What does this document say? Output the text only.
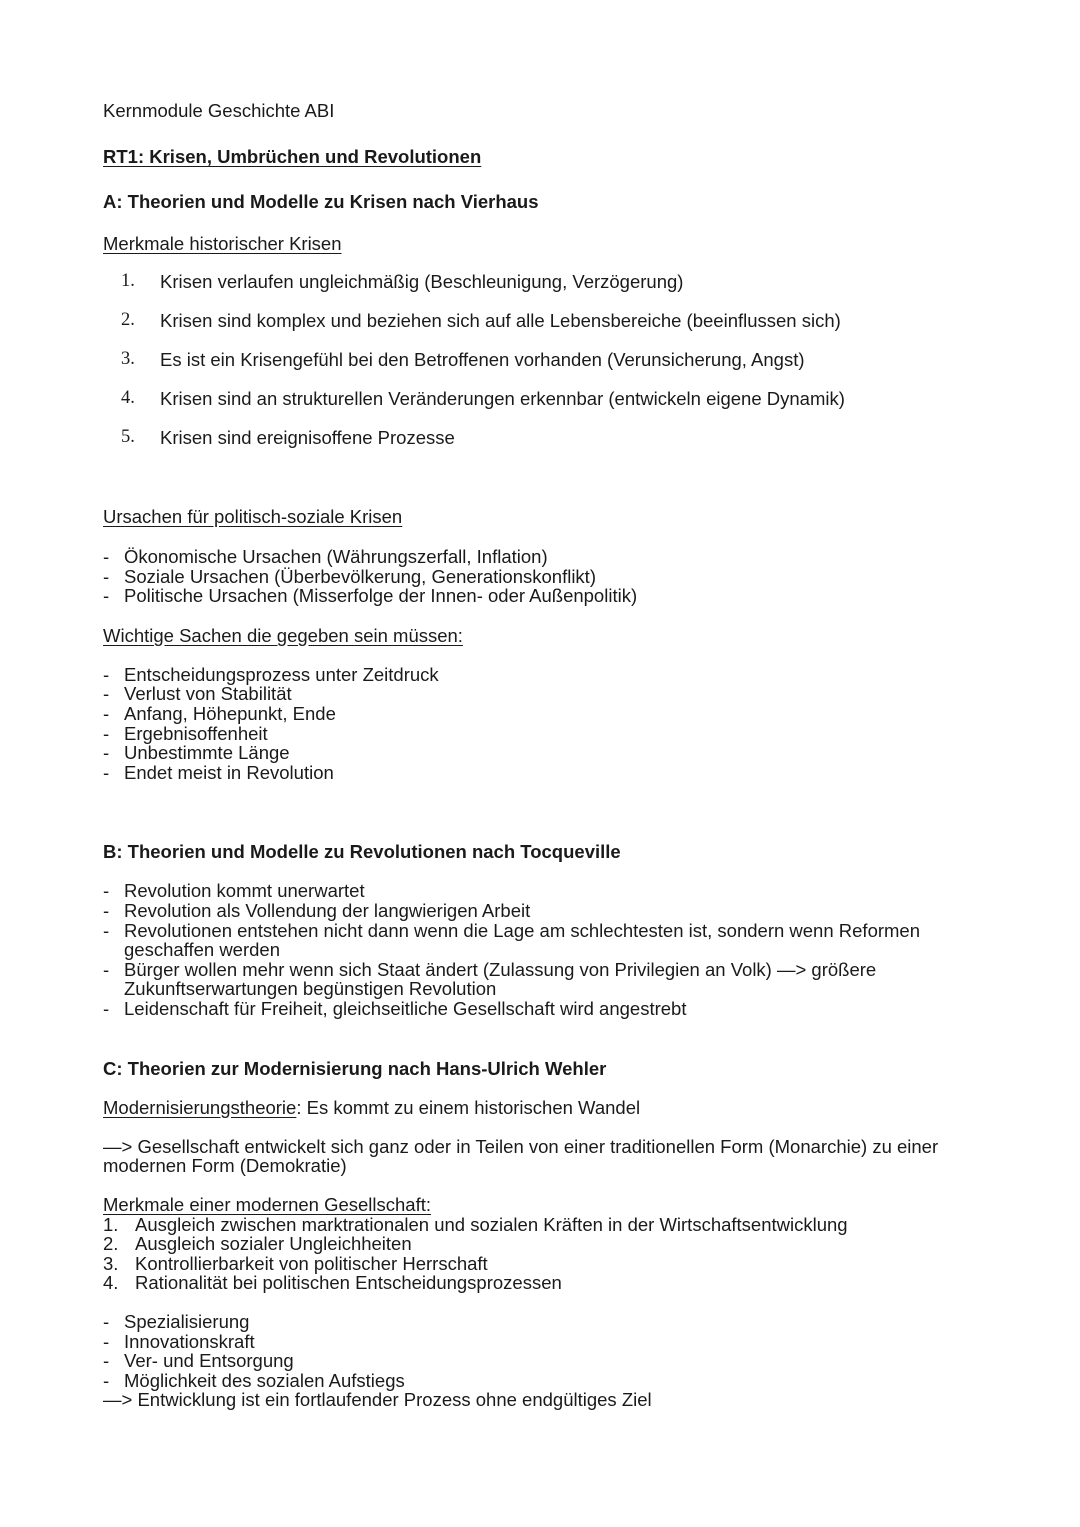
Kernmodule Geschichte ABI
RT1: Krisen, Umbrüchen und Revolutionen
A: Theorien und Modelle zu Krisen nach Vierhaus
Merkmale historischer Krisen
1.	Krisen verlaufen ungleichmäßig (Beschleunigung, Verzögerung)
2.	Krisen sind komplex und beziehen sich auf alle Lebensbereiche (beeinflussen sich)
3.	Es ist ein Krisengefühl bei den Betroffenen vorhanden (Verunsicherung, Angst)
4.	Krisen sind an strukturellen Veränderungen erkennbar (entwickeln eigene Dynamik)
5.	Krisen sind ereignisoffene Prozesse
Ursachen für politisch-soziale Krisen
- Ökonomische Ursachen (Währungszerfall, Inflation)
- Soziale Ursachen (Überbevölkerung, Generationskonflikt)
- Politische Ursachen (Misserfolge der Innen- oder Außenpolitik)
Wichtige Sachen die gegeben sein müssen:
- Entscheidungsprozess unter Zeitdruck
- Verlust von Stabilität
- Anfang, Höhepunkt, Ende
- Ergebnisoffenheit
- Unbestimmte Länge
- Endet meist in Revolution
B: Theorien und Modelle zu Revolutionen nach Tocqueville
- Revolution kommt unerwartet
- Revolution als Vollendung der langwierigen Arbeit
- Revolutionen entstehen nicht dann wenn die Lage am schlechtesten ist, sondern wenn Reformen geschaffen werden
- Bürger wollen mehr wenn sich Staat ändert (Zulassung von Privilegien an Volk) —> größere Zukunftserwartungen begünstigen Revolution
- Leidenschaft für Freiheit, gleichseitliche Gesellschaft wird angestrebt
C: Theorien zur Modernisierung nach Hans-Ulrich Wehler
Modernisierungstheorie: Es kommt zu einem historischen Wandel
—> Gesellschaft entwickelt sich ganz oder in Teilen von einer traditionellen Form (Monarchie) zu einer modernen Form (Demokratie)
Merkmale einer modernen Gesellschaft:
1. Ausgleich zwischen marktrationalen und sozialen Kräften in der Wirtschaftsentwicklung
2. Ausgleich sozialer Ungleichheiten
3. Kontrollierbarkeit von politischer Herrschaft
4. Rationalität bei politischen Entscheidungsprozessen
- Spezialisierung
- Innovationskraft
- Ver- und Entsorgung
- Möglichkeit des sozialen Aufstiegs
—> Entwicklung ist ein fortlaufender Prozess ohne endgültiges Ziel
